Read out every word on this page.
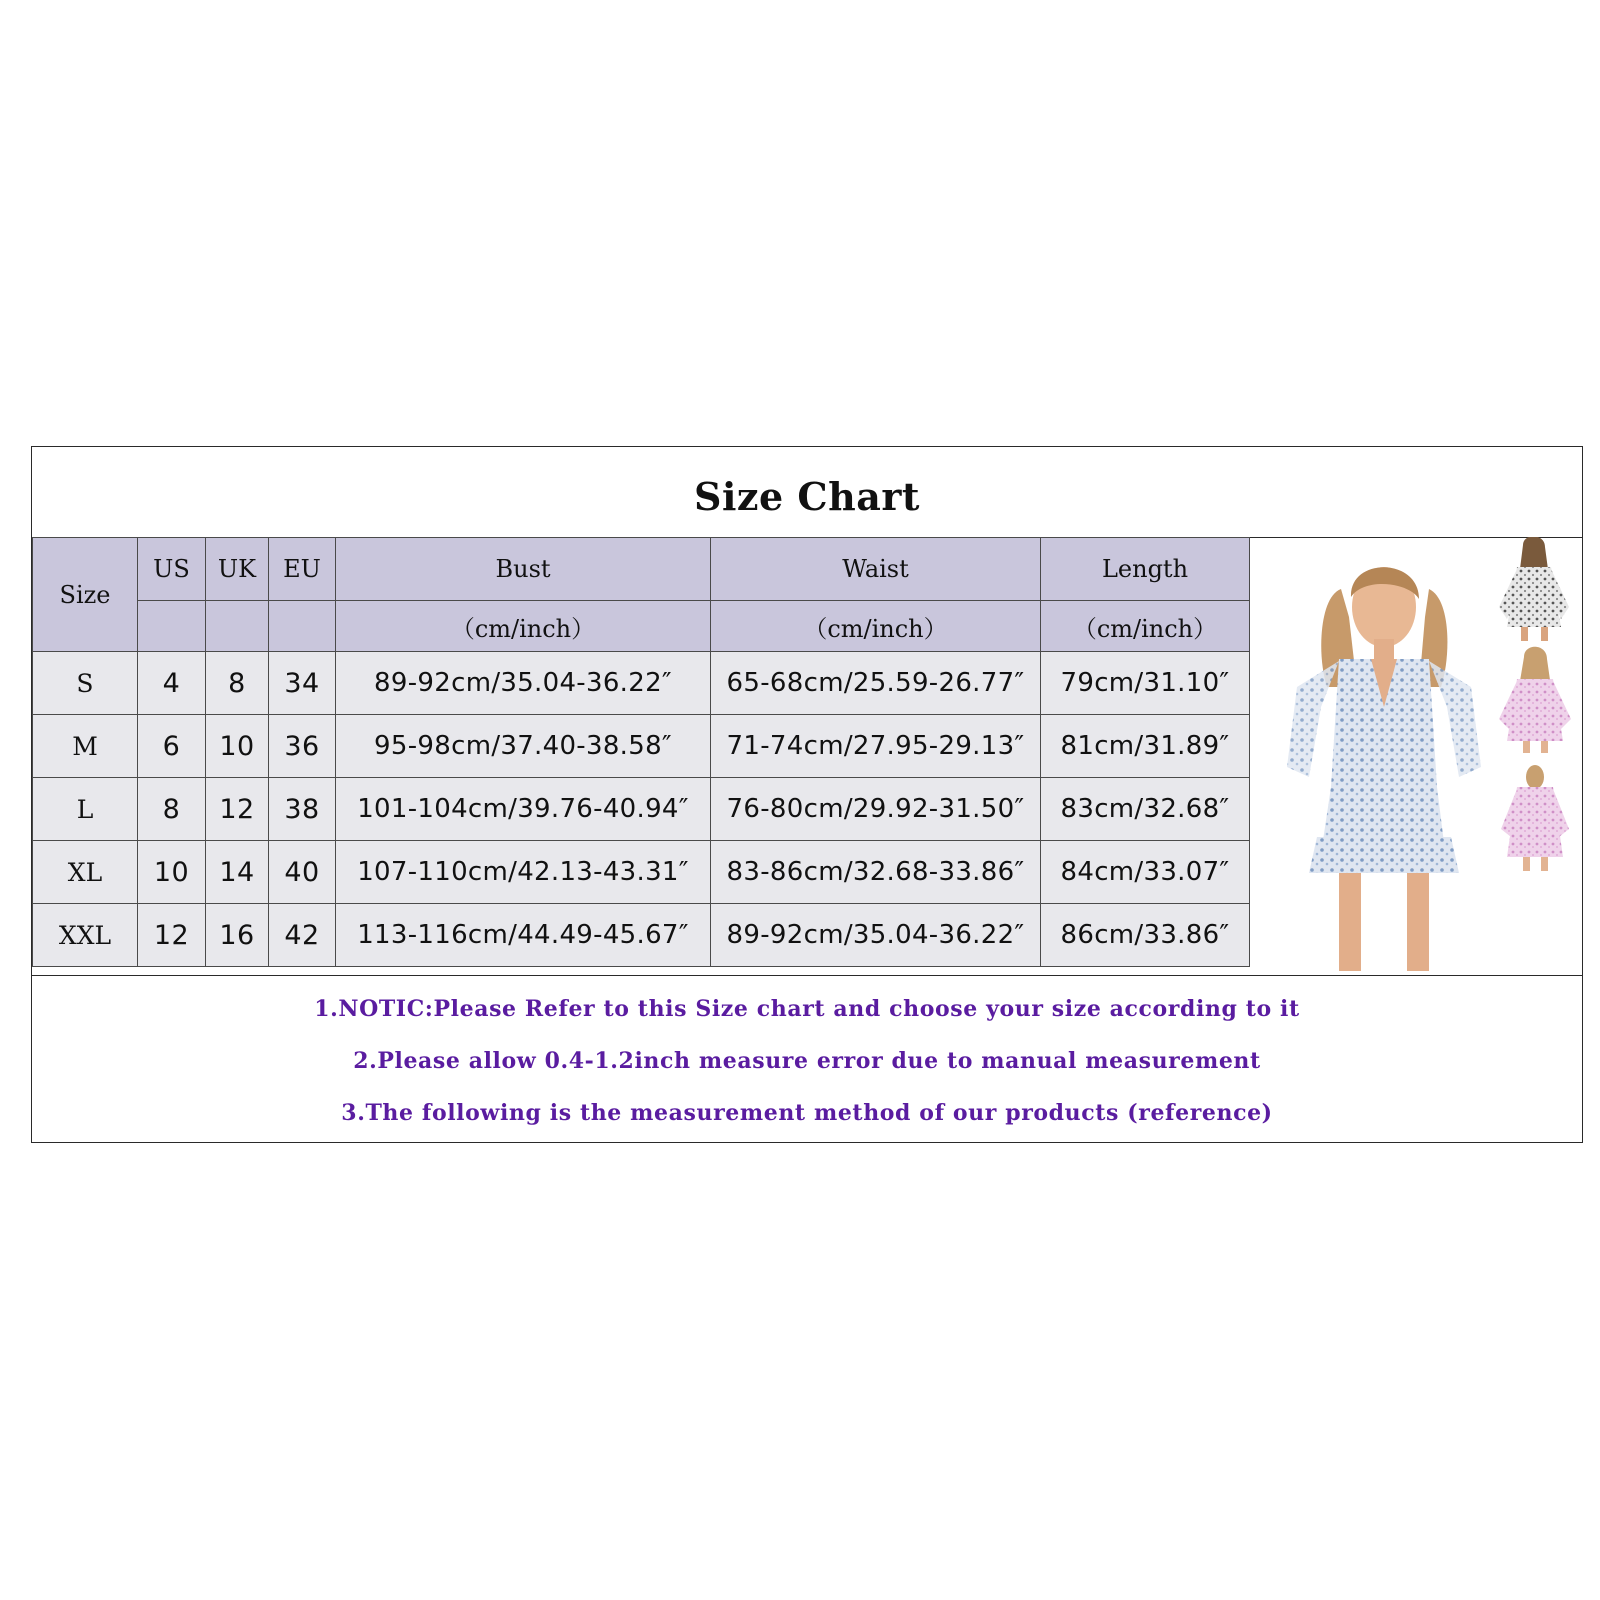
Size Chart
Size	US	UK	EU	Bust	Waist	Length
				（cm/inch）	（cm/inch）	（cm/inch）
S	4	8	34	89-92cm/35.04-36.22″	65-68cm/25.59-26.77″	79cm/31.10″
M	6	10	36	95-98cm/37.40-38.58″	71-74cm/27.95-29.13″	81cm/31.89″
L	8	12	38	101-104cm/39.76-40.94″	76-80cm/29.92-31.50″	83cm/32.68″
XL	10	14	40	107-110cm/42.13-43.31″	83-86cm/32.68-33.86″	84cm/33.07″
XXL	12	16	42	113-116cm/44.49-45.67″	89-92cm/35.04-36.22″	86cm/33.86″
1.NOTIC:Please Refer to this Size chart and choose your size according to it
2.Please allow 0.4-1.2inch measure error due to manual measurement
3.The following is the measurement method of our products (reference)
